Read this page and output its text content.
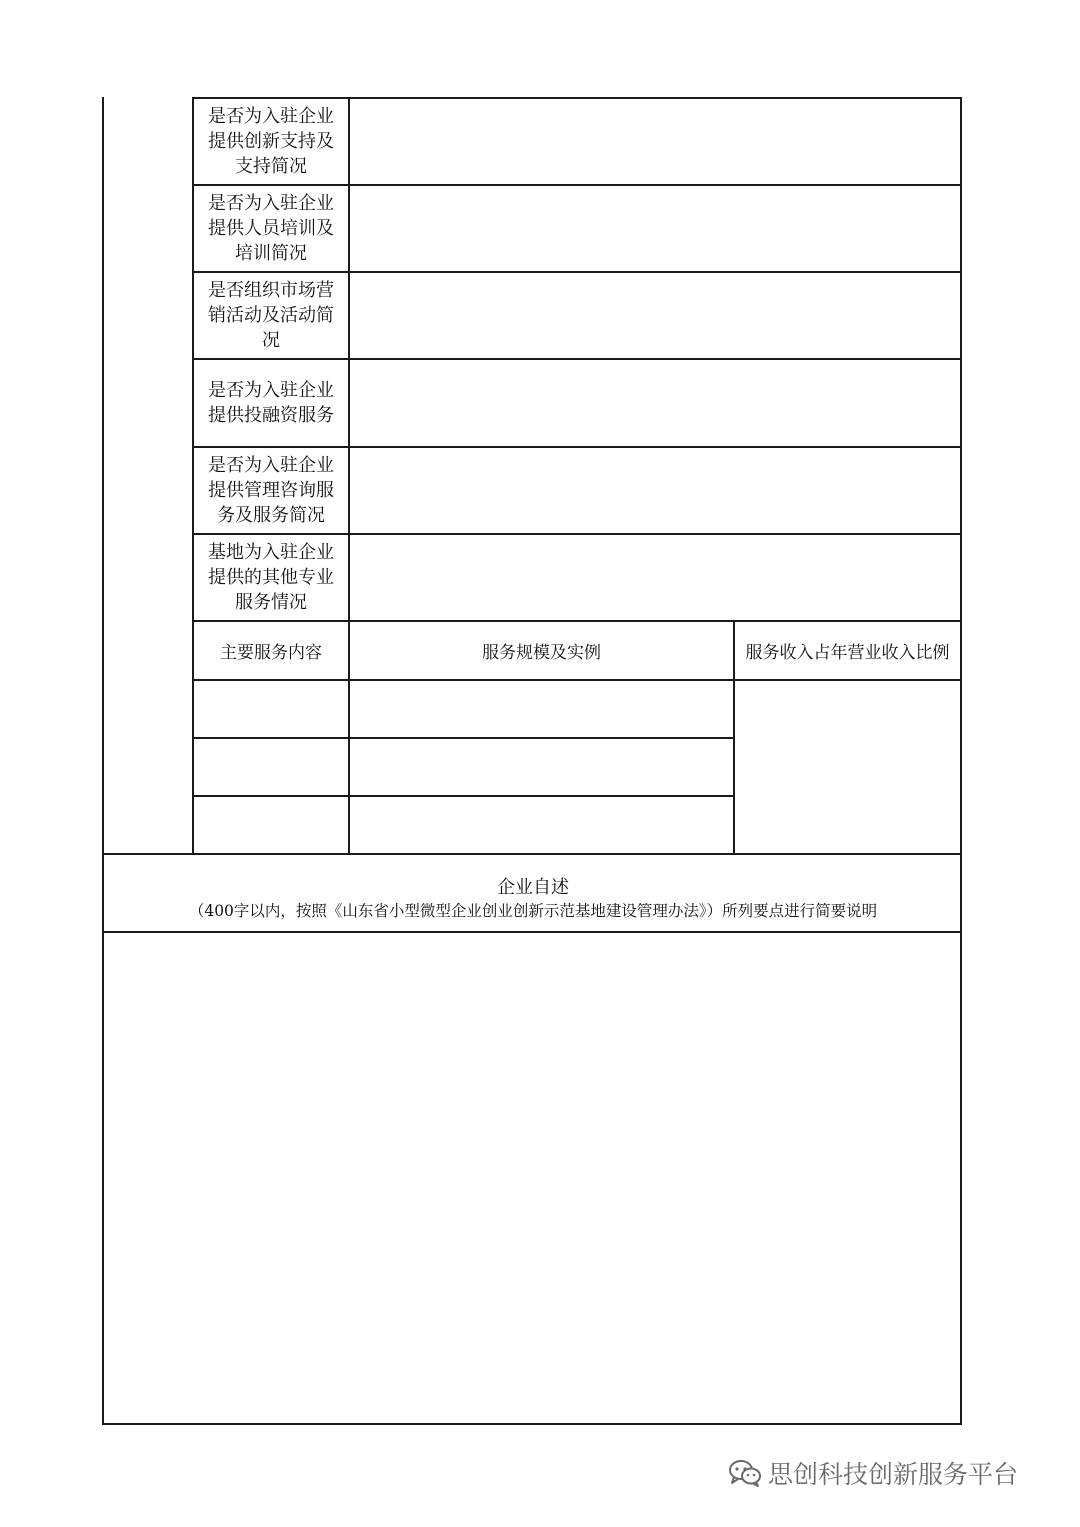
是否为入驻企业提供创新支持及支持简况
是否为入驻企业提供人员培训及培训简况
是否组织市场营销活动及活动简况
是否为入驻企业提供投融资服务
是否为入驻企业提供管理咨询服务及服务简况
基地为入驻企业提供的其他专业服务情况
主要服务内容	服务规模及实例	服务收入占年营业收入比例
企业自述
（400字以内，按照《山东省小型微型企业创业创新示范基地建设管理办法》）所列要点进行简要说明
思创科技创新服务平台
